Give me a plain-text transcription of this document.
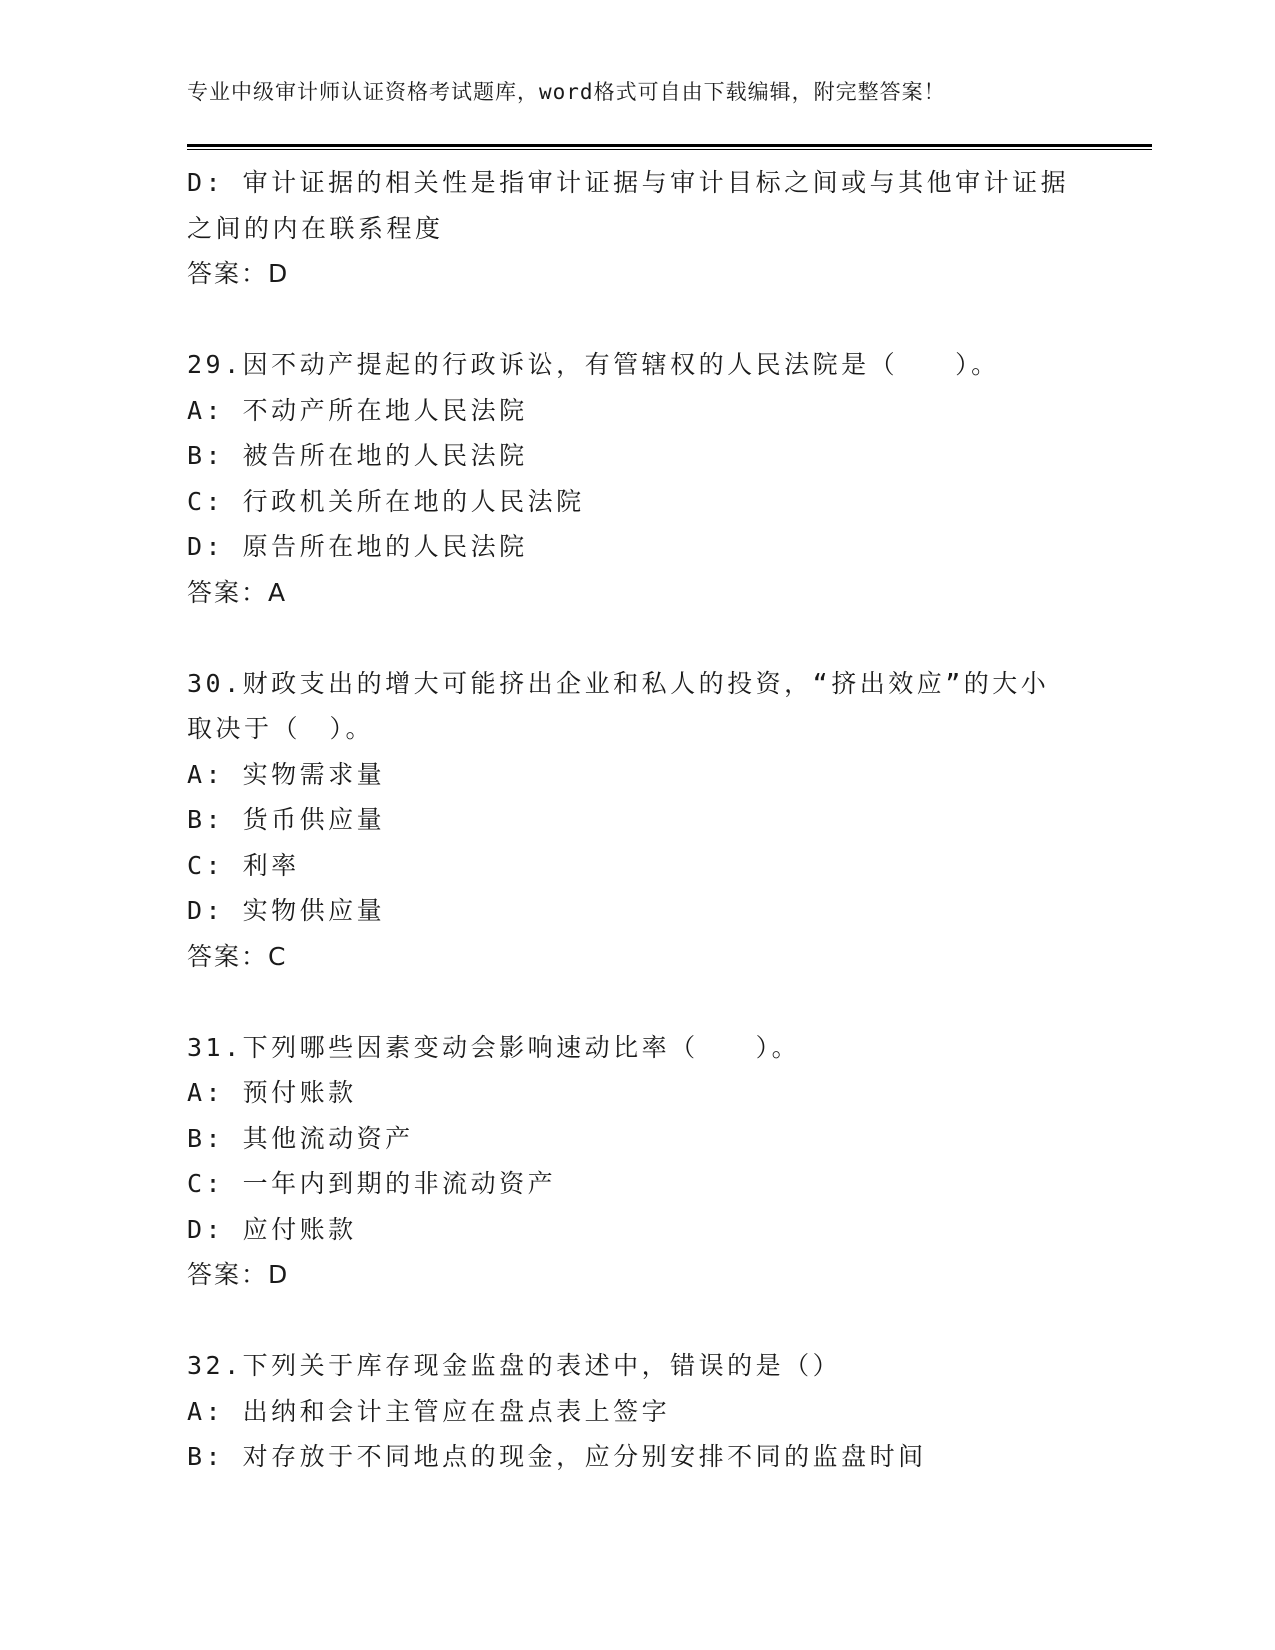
专业中级审计师认证资格考试题库，word格式可自由下载编辑，附完整答案！
D: 审计证据的相关性是指审计证据与审计目标之间或与其他审计证据
之间的内在联系程度
答案：D
29.因不动产提起的行政诉讼，有管辖权的人民法院是（　　）。
A: 不动产所在地人民法院
B: 被告所在地的人民法院
C: 行政机关所在地的人民法院
D: 原告所在地的人民法院
答案：A
30.财政支出的增大可能挤出企业和私人的投资，“挤出效应”的大小
取决于（　）。
A: 实物需求量
B: 货币供应量
C: 利率
D: 实物供应量
答案：C
31.下列哪些因素变动会影响速动比率（　　）。
A: 预付账款
B: 其他流动资产
C: 一年内到期的非流动资产
D: 应付账款
答案：D
32.下列关于库存现金监盘的表述中，错误的是（）
A: 出纳和会计主管应在盘点表上签字
B: 对存放于不同地点的现金，应分别安排不同的监盘时间
